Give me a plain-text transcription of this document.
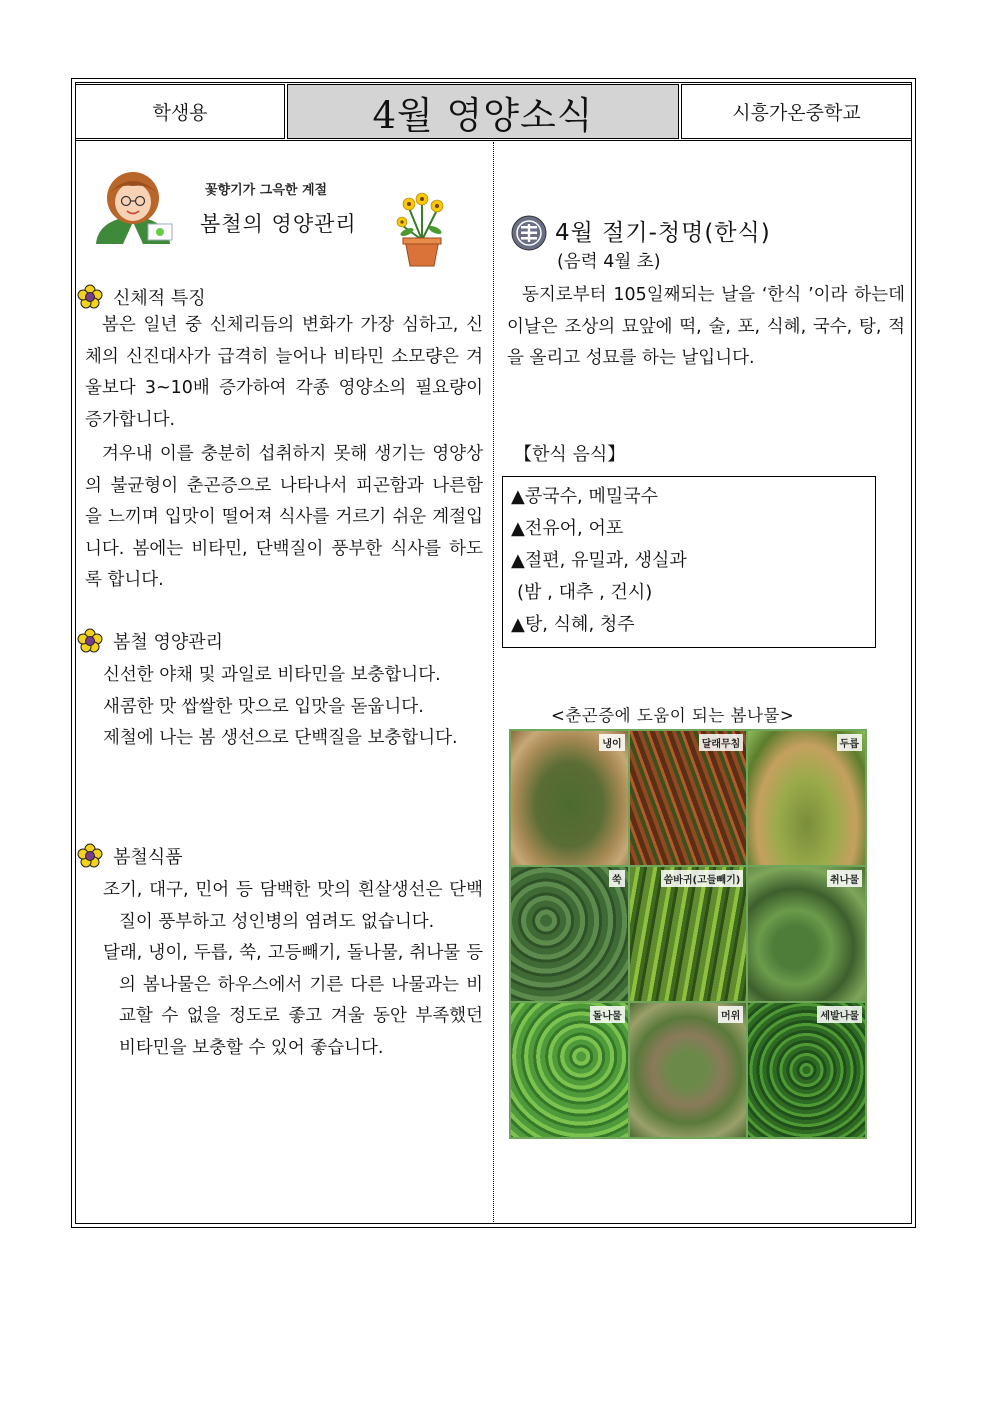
학생용	4월 영양소식	시흥가온중학교
꽃향기가 그윽한 계절
봄철의 영양관리
신체적 특징

봄은 일년 중 신체리듬의 변화가 가장 심하고, 신체의 신진대사가 급격히 늘어나 비타민 소모량은 겨울보다 3~10배 증가하여 각종 영양소의 필요량이 증가합니다.

겨우내 이를 충분히 섭취하지 못해 생기는 영양상의 불균형이 춘곤증으로 나타나서 피곤함과 나른함을 느끼며 입맛이 떨어져 식사를 거르기 쉬운 계절입니다. 봄에는 비타민, 단백질이 풍부한 식사를 하도록 합니다.

봄철 영양관리
신선한 야채 및 과일로 비타민을 보충합니다.
새콤한 맛 쌉쌀한 맛으로 입맛을 돋웁니다.
제철에 나는 봄 생선으로 단백질을 보충합니다.
봄철식품
조기, 대구, 민어 등 담백한 맛의 흰살생선은 단백질이 풍부하고 성인병의 염려도 없습니다.
달래, 냉이, 두릅, 쑥, 고등빼기, 돌나물, 취나물 등의 봄나물은 하우스에서 기른 다른 나물과는 비교할 수 없을 정도로 좋고 겨울 동안 부족했던 비타민을 보충할 수 있어 좋습니다.
4월 절기-청명(한식)
(음력 4월 초)
동지로부터 105일째되는 날을 ‘한식 ’이라 하는데 이날은 조상의 묘앞에 떡, 술, 포, 식혜, 국수, 탕, 적을 올리고 성묘를 하는 날입니다.
【한식 음식】
▲콩국수, 메밀국수
▲전유어, 어포
▲절편, 유밀과, 생실과
(밤 , 대추 , 건시)
▲탕, 식혜, 청주
<춘곤증에 도움이 되는 봄나물>
냉이	달래무침	두릅
쑥	씀바귀(고들빼기)	취나물
돌나물	머위	세발나물
